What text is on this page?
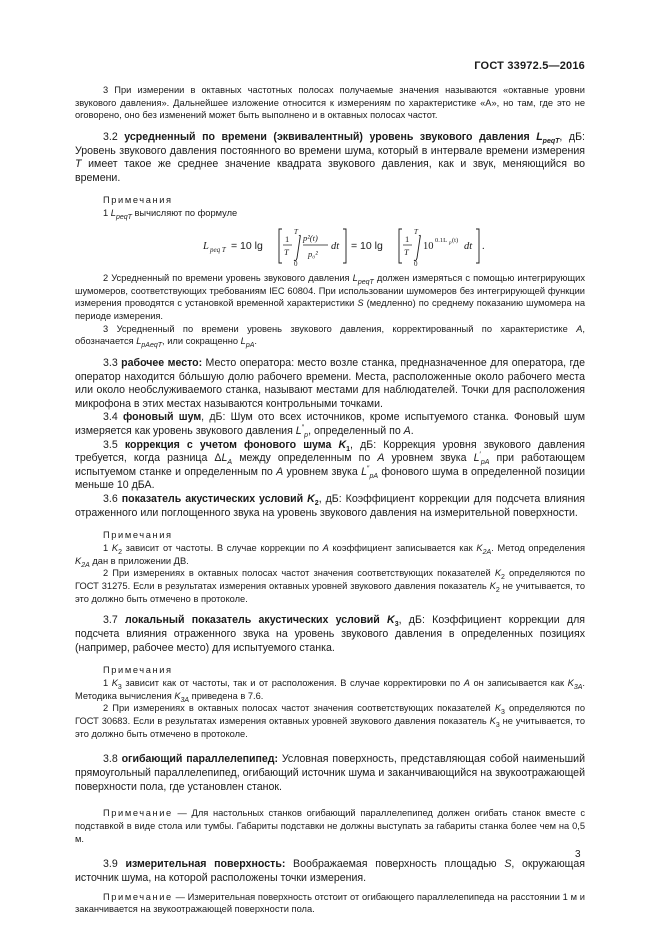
ГОСТ 33972.5—2016

3 При измерении в октавных частотных полосах получаемые значения называются «октавные уровни звукового давления». Дальнейшее изложение относится к измерениям по характеристике «А», но там, где это не оговорено, оно без изменений может быть выполнено и в октавных полосах частот.

3.2 усредненный по времени (эквивалентный) уровень звукового давления $L_{peqT}$, дБ: Уровень звукового давления постоянного во времени шума, который в интервале времени измерения T имеет такое же среднее значение квадрата звукового давления, как и звук, меняющийся во времени.

Примечания

1 $L_{peqT}$ вычисляют по формуле

L peq T = 10 lg
1
T
T
0
p²(t)
p₀²
dt = 10 lg
1
T
T
0
10
0.1L p (t)
dt .

2 Усредненный по времени уровень звукового давления $L_{peqT}$ должен измеряться с помощью интегрирующих шумомеров, соответствующих требованиям IEC 60804. При использовании шумомеров без интегрирующей функции измерения проводятся с установкой временной характеристики S (медленно) по среднему показанию шумомера на периоде измерения.

3 Усредненный по времени уровень звукового давления, корректированный по характеристике A, обозначается $L_{pAeqT}$, или сокращенно $L_{pA}$.

3.3 рабочее место: Место оператора: место возле станка, предназначенное для оператора, где оператор находится бо́льшую долю рабочего времени. Места, расположенные около рабочего места или около необслуживаемого станка, называют местами для наблюдателей. Точки для расположения микрофона в этих местах называются контрольными точками.

3.4 фоновый шум, дБ: Шум ото всех источников, кроме испытуемого станка. Фоновый шум измеряется как уровень звукового давления $L''_p$, определенный по A.

3.5 коррекция с учетом фонового шума $K_1$, дБ: Коррекция уровня звукового давления требуется, когда разница $\Delta L_A$ между определенным по A уровнем звука $L'_{pA}$ при работающем испытуемом станке и определенным по A уровнем звука $L''_{pA}$ фонового шума в определенной позиции меньше 10 дБА.

3.6 показатель акустических условий $K_2$, дБ: Коэффициент коррекции для подсчета влияния отраженного или поглощенного звука на уровень звукового давления на измерительной поверхности.

Примечания

1 $K_2$ зависит от частоты. В случае коррекции по A коэффициент записывается как $K_{2A}$. Метод определения $K_{2A}$ дан в приложении ДВ.

2 При измерениях в октавных полосах частот значения соответствующих показателей $K_2$ определяются по ГОСТ 31275. Если в результатах измерения октавных уровней звукового давления показатель $K_2$ не учитывается, то это должно быть отмечено в протоколе.

3.7 локальный показатель акустических условий $K_3$, дБ: Коэффициент коррекции для подсчета влияния отраженного звука на уровень звукового давления в определенных позициях (например, рабочее место) для испытуемого станка.

Примечания

1 $K_3$ зависит как от частоты, так и от расположения. В случае корректировки по A он записывается как $K_{3A}$. Методика вычисления $K_{3A}$ приведена в 7.6.

2 При измерениях в октавных полосах частот значения соответствующих показателей $K_3$ определяются по ГОСТ 30683. Если в результатах измерения октавных уровней звукового давления показатель $K_3$ не учитывается, то это должно быть отмечено в протоколе.

3.8 огибающий параллелепипед: Условная поверхность, представляющая собой наименьший прямоугольный параллелепипед, огибающий источник шума и заканчивающийся на звукоотражающей поверхности пола, где установлен станок.

Примечание — Для настольных станков огибающий параллелепипед должен огибать станок вместе с подставкой в виде стола или тумбы. Габариты подставки не должны выступать за габариты станка более чем на 0,5 м.

3.9 измерительная поверхность: Воображаемая поверхность площадью S, окружающая источник шума, на которой расположены точки измерения.

Примечание — Измерительная поверхность отстоит от огибающего параллелепипеда на расстоянии 1 м и заканчивается на звукоотражающей поверхности пола.

3
